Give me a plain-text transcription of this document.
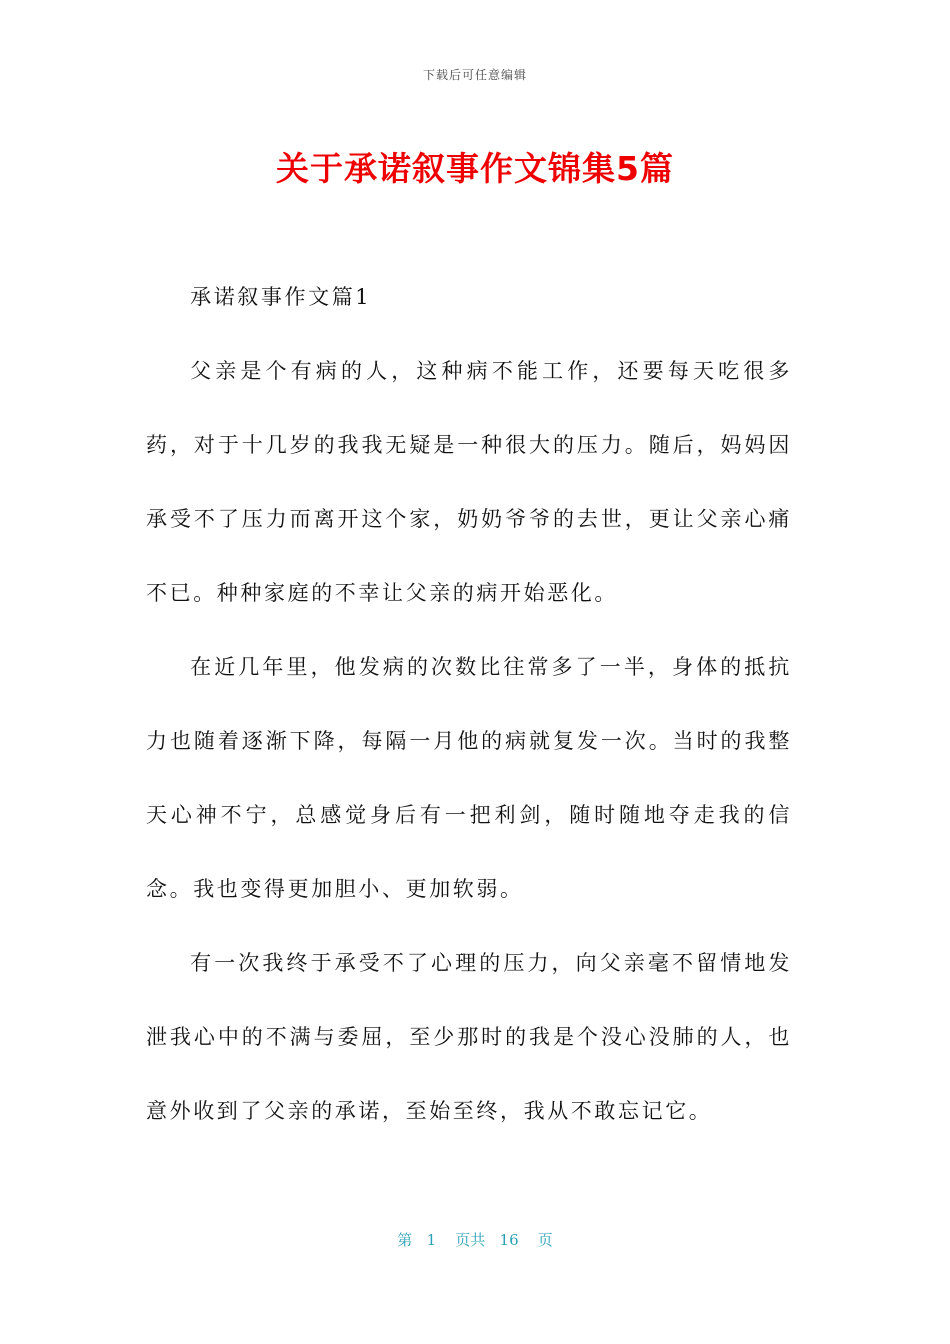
下载后可任意编辑
关于承诺叙事作文锦集5篇

承诺叙事作文篇1

父亲是个有病的人，这种病不能工作，还要每天吃很多药，对于十几岁的我我无疑是一种很大的压力。随后，妈妈因承受不了压力而离开这个家，奶奶爷爷的去世，更让父亲心痛不已。种种家庭的不幸让父亲的病开始恶化。

在近几年里，他发病的次数比往常多了一半，身体的抵抗力也随着逐渐下降，每隔一月他的病就复发一次。当时的我整天心神不宁，总感觉身后有一把利剑，随时随地夺走我的信念。我也变得更加胆小、更加软弱。

有一次我终于承受不了心理的压力，向父亲毫不留情地发泄我心中的不满与委屈，至少那时的我是个没心没肺的人，也意外收到了父亲的承诺，至始至终，我从不敢忘记它。

第 1 页共 16 页
